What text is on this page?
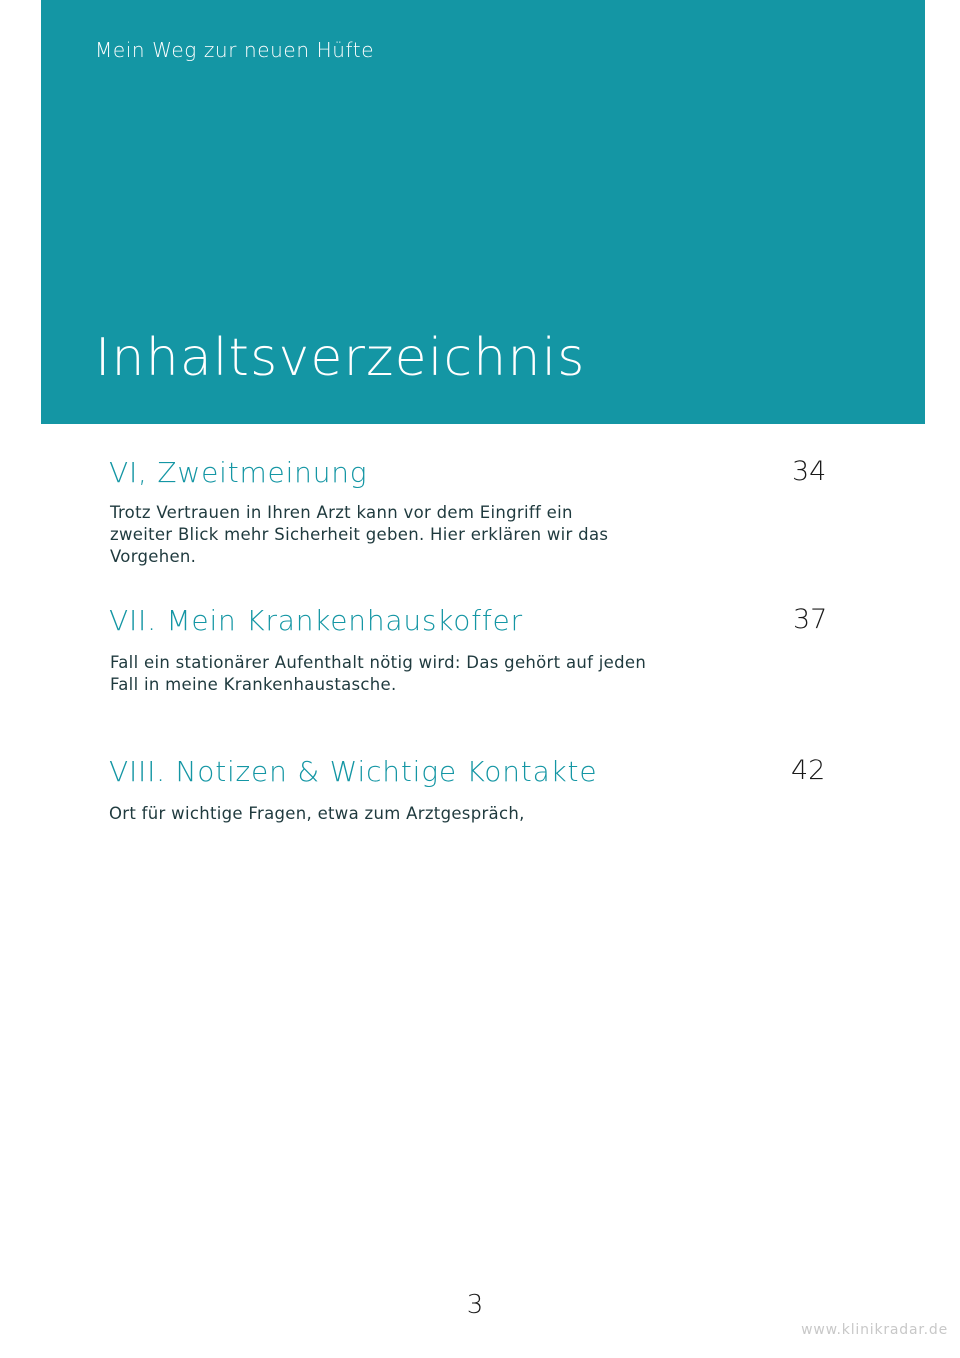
Mein Weg zur neuen Hüfte
Inhaltsverzeichnis
VI, Zweitmeinung	34
Trotz Vertrauen in Ihren Arzt kann vor dem Eingriff ein
zweiter Blick mehr Sicherheit geben. Hier erklären wir das
Vorgehen.
VII. Mein Krankenhauskoffer	37
Fall ein stationärer Aufenthalt nötig wird: Das gehört auf jeden
Fall in meine Krankenhaustasche.
VIII. Notizen & Wichtige Kontakte	42
Ort für wichtige Fragen, etwa zum Arztgespräch,
3
www.klinikradar.de
